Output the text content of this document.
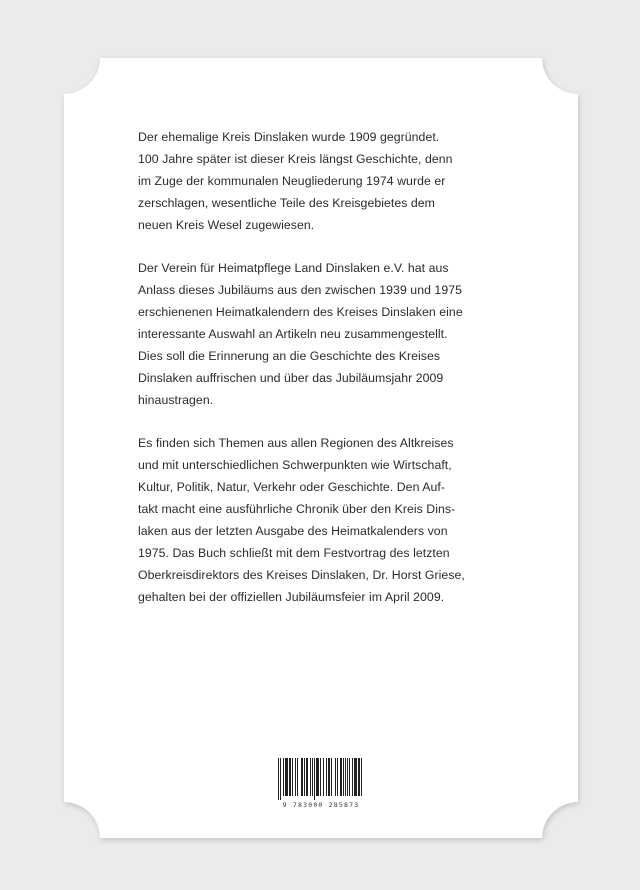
Der ehemalige Kreis Dinslaken wurde 1909 gegründet.
100 Jahre später ist dieser Kreis längst Geschichte, denn
im Zuge der kommunalen Neugliederung 1974 wurde er
zerschlagen, wesentliche Teile des Kreisgebietes dem
neuen Kreis Wesel zugewiesen.

Der Verein für Heimatpflege Land Dinslaken e.V. hat aus
Anlass dieses Jubiläums aus den zwischen 1939 und 1975
erschienenen Heimatkalendern des Kreises Dinslaken eine
interessante Auswahl an Artikeln neu zusammengestellt.
Dies soll die Erinnerung an die Geschichte des Kreises
Dinslaken auffrischen und über das Jubiläumsjahr 2009
hinaustragen.

Es finden sich Themen aus allen Regionen des Altkreises
und mit unterschiedlichen Schwerpunkten wie Wirtschaft,
Kultur, Politik, Natur, Verkehr oder Geschichte. Den Auf-
takt macht eine ausführliche Chronik über den Kreis Dins-
laken aus der letzten Ausgabe des Heimatkalenders von
1975. Das Buch schließt mit dem Festvortrag des letzten
Oberkreisdirektors des Kreises Dinslaken, Dr. Horst Griese,
gehalten bei der offiziellen Jubiläumsfeier im April 2009.

9 783000 285873
